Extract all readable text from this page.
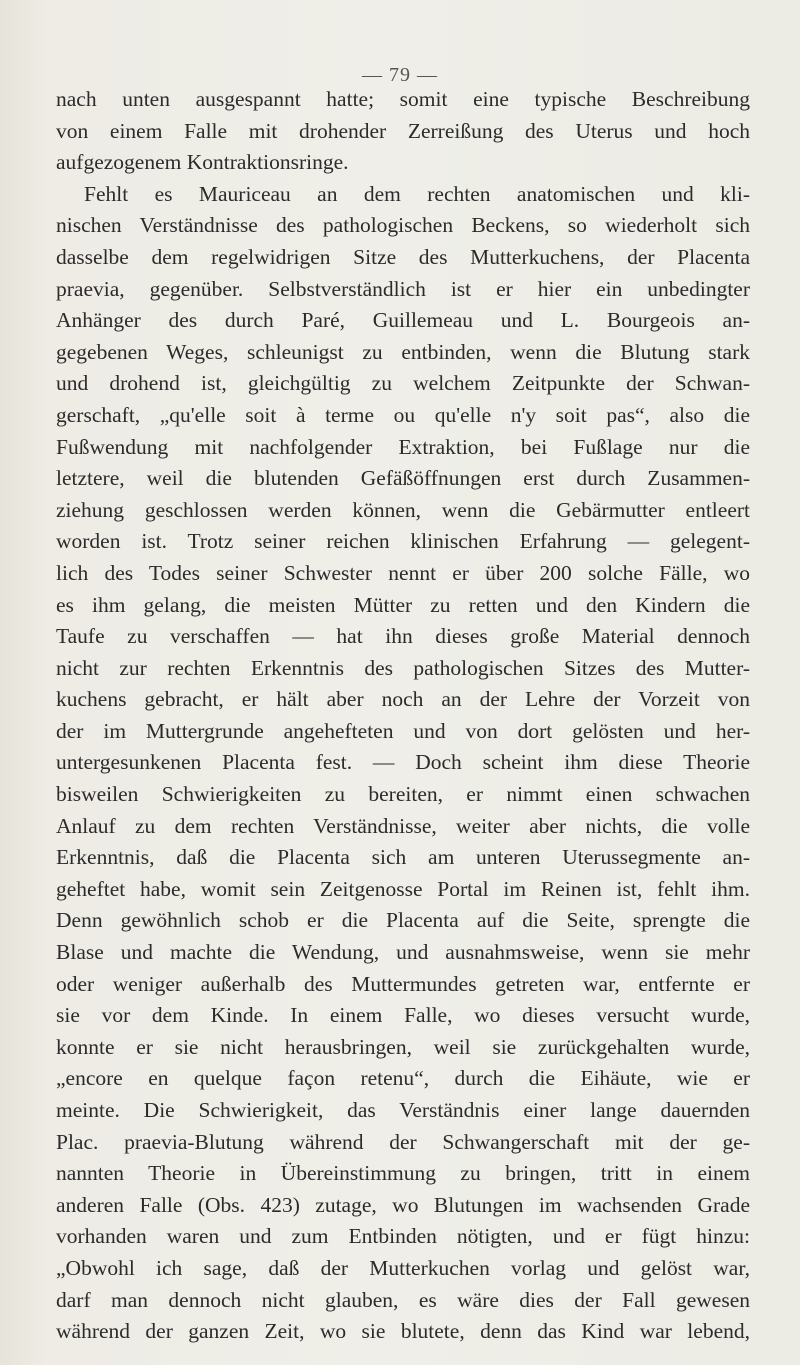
— 79 —
nach unten ausgespannt hatte; somit eine typische Beschreibung
von einem Falle mit drohender Zerreißung des Uterus und hoch
aufgezogenem Kontraktionsringe.
Fehlt es Mauriceau an dem rechten anatomischen und kli-
nischen Verständnisse des pathologischen Beckens, so wiederholt sich
dasselbe dem regelwidrigen Sitze des Mutterkuchens, der Placenta
praevia, gegenüber. Selbstverständlich ist er hier ein unbedingter
Anhänger des durch Paré, Guillemeau und L. Bourgeois an-
gegebenen Weges, schleunigst zu entbinden, wenn die Blutung stark
und drohend ist, gleichgültig zu welchem Zeitpunkte der Schwan-
gerschaft, „qu'elle soit à terme ou qu'elle n'y soit pas“, also die
Fußwendung mit nachfolgender Extraktion, bei Fußlage nur die
letztere, weil die blutenden Gefäßöffnungen erst durch Zusammen-
ziehung geschlossen werden können, wenn die Gebärmutter entleert
worden ist. Trotz seiner reichen klinischen Erfahrung — gelegent-
lich des Todes seiner Schwester nennt er über 200 solche Fälle, wo
es ihm gelang, die meisten Mütter zu retten und den Kindern die
Taufe zu verschaffen — hat ihn dieses große Material dennoch
nicht zur rechten Erkenntnis des pathologischen Sitzes des Mutter-
kuchens gebracht, er hält aber noch an der Lehre der Vorzeit von
der im Muttergrunde angehefteten und von dort gelösten und her-
untergesunkenen Placenta fest. — Doch scheint ihm diese Theorie
bisweilen Schwierigkeiten zu bereiten, er nimmt einen schwachen
Anlauf zu dem rechten Verständnisse, weiter aber nichts, die volle
Erkenntnis, daß die Placenta sich am unteren Uterussegmente an-
geheftet habe, womit sein Zeitgenosse Portal im Reinen ist, fehlt ihm.
Denn gewöhnlich schob er die Placenta auf die Seite, sprengte die
Blase und machte die Wendung, und ausnahmsweise, wenn sie mehr
oder weniger außerhalb des Muttermundes getreten war, entfernte er
sie vor dem Kinde. In einem Falle, wo dieses versucht wurde,
konnte er sie nicht herausbringen, weil sie zurückgehalten wurde,
„encore en quelque façon retenu“, durch die Eihäute, wie er
meinte. Die Schwierigkeit, das Verständnis einer lange dauernden
Plac. praevia-Blutung während der Schwangerschaft mit der ge-
nannten Theorie in Übereinstimmung zu bringen, tritt in einem
anderen Falle (Obs. 423) zutage, wo Blutungen im wachsenden Grade
vorhanden waren und zum Entbinden nötigten, und er fügt hinzu:
„Obwohl ich sage, daß der Mutterkuchen vorlag und gelöst war,
darf man dennoch nicht glauben, es wäre dies der Fall gewesen
während der ganzen Zeit, wo sie blutete, denn das Kind war lebend,
